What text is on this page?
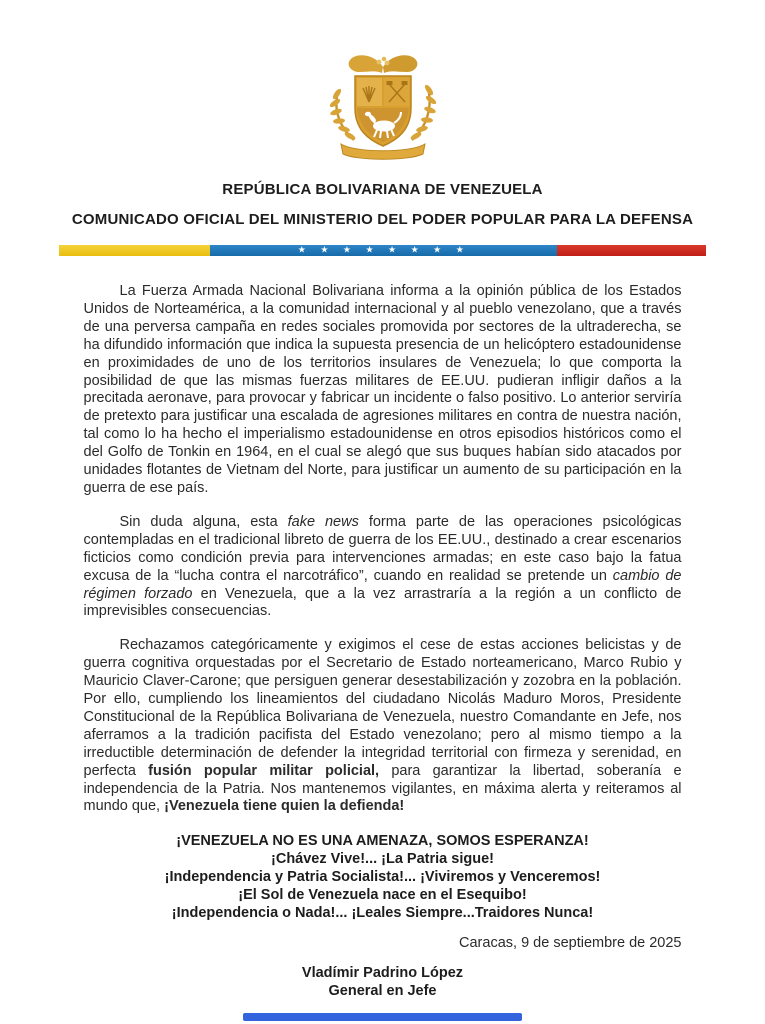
REPÚBLICA BOLIVARIANA DE VENEZUELA
COMUNICADO OFICIAL DEL MINISTERIO DEL PODER POPULAR PARA LA DEFENSA
★ ★ ★ ★ ★ ★ ★ ★

La Fuerza Armada Nacional Bolivariana informa a la opinión pública de los Estados Unidos de Norteamérica, a la comunidad internacional y al pueblo venezolano, que a través de una perversa campaña en redes sociales promovida por sectores de la ultraderecha, se ha difundido información que indica la supuesta presencia de un helicóptero estadounidense en proximidades de uno de los territorios insulares de Venezuela; lo que comporta la posibilidad de que las mismas fuerzas militares de EE.UU. pudieran infligir daños a la precitada aeronave, para provocar y fabricar un incidente o falso positivo. Lo anterior serviría de pretexto para justificar una escalada de agresiones militares en contra de nuestra nación, tal como lo ha hecho el imperialismo estadounidense en otros episodios históricos como el del Golfo de Tonkin en 1964, en el cual se alegó que sus buques habían sido atacados por unidades flotantes de Vietnam del Norte, para justificar un aumento de su participación en la guerra de ese país.

Sin duda alguna, esta fake news forma parte de las operaciones psicológicas contempladas en el tradicional libreto de guerra de los EE.UU., destinado a crear escenarios ficticios como condición previa para intervenciones armadas; en este caso bajo la fatua excusa de la “lucha contra el narcotráfico”, cuando en realidad se pretende un cambio de régimen forzado en Venezuela, que a la vez arrastraría a la región a un conflicto de imprevisibles consecuencias.

Rechazamos categóricamente y exigimos el cese de estas acciones belicistas y de guerra cognitiva orquestadas por el Secretario de Estado norteamericano, Marco Rubio y Mauricio Claver-Carone; que persiguen generar desestabilización y zozobra en la población. Por ello, cumpliendo los lineamientos del ciudadano Nicolás Maduro Moros, Presidente Constitucional de la República Bolivariana de Venezuela, nuestro Comandante en Jefe, nos aferramos a la tradición pacifista del Estado venezolano; pero al mismo tiempo a la irreductible determinación de defender la integridad territorial con firmeza y serenidad, en perfecta fusión popular militar policial, para garantizar la libertad, soberanía e independencia de la Patria. Nos mantenemos vigilantes, en máxima alerta y reiteramos al mundo que, ¡Venezuela tiene quien la defienda!

¡VENEZUELA NO ES UNA AMENAZA, SOMOS ESPERANZA!
¡Chávez Vive!... ¡La Patria sigue!
¡Independencia y Patria Socialista!... ¡Viviremos y Venceremos!
¡El Sol de Venezuela nace en el Esequibo!
¡Independencia o Nada!... ¡Leales Siempre...Traidores Nunca!
Caracas, 9 de septiembre de 2025
Vladímir Padrino López
General en Jefe
